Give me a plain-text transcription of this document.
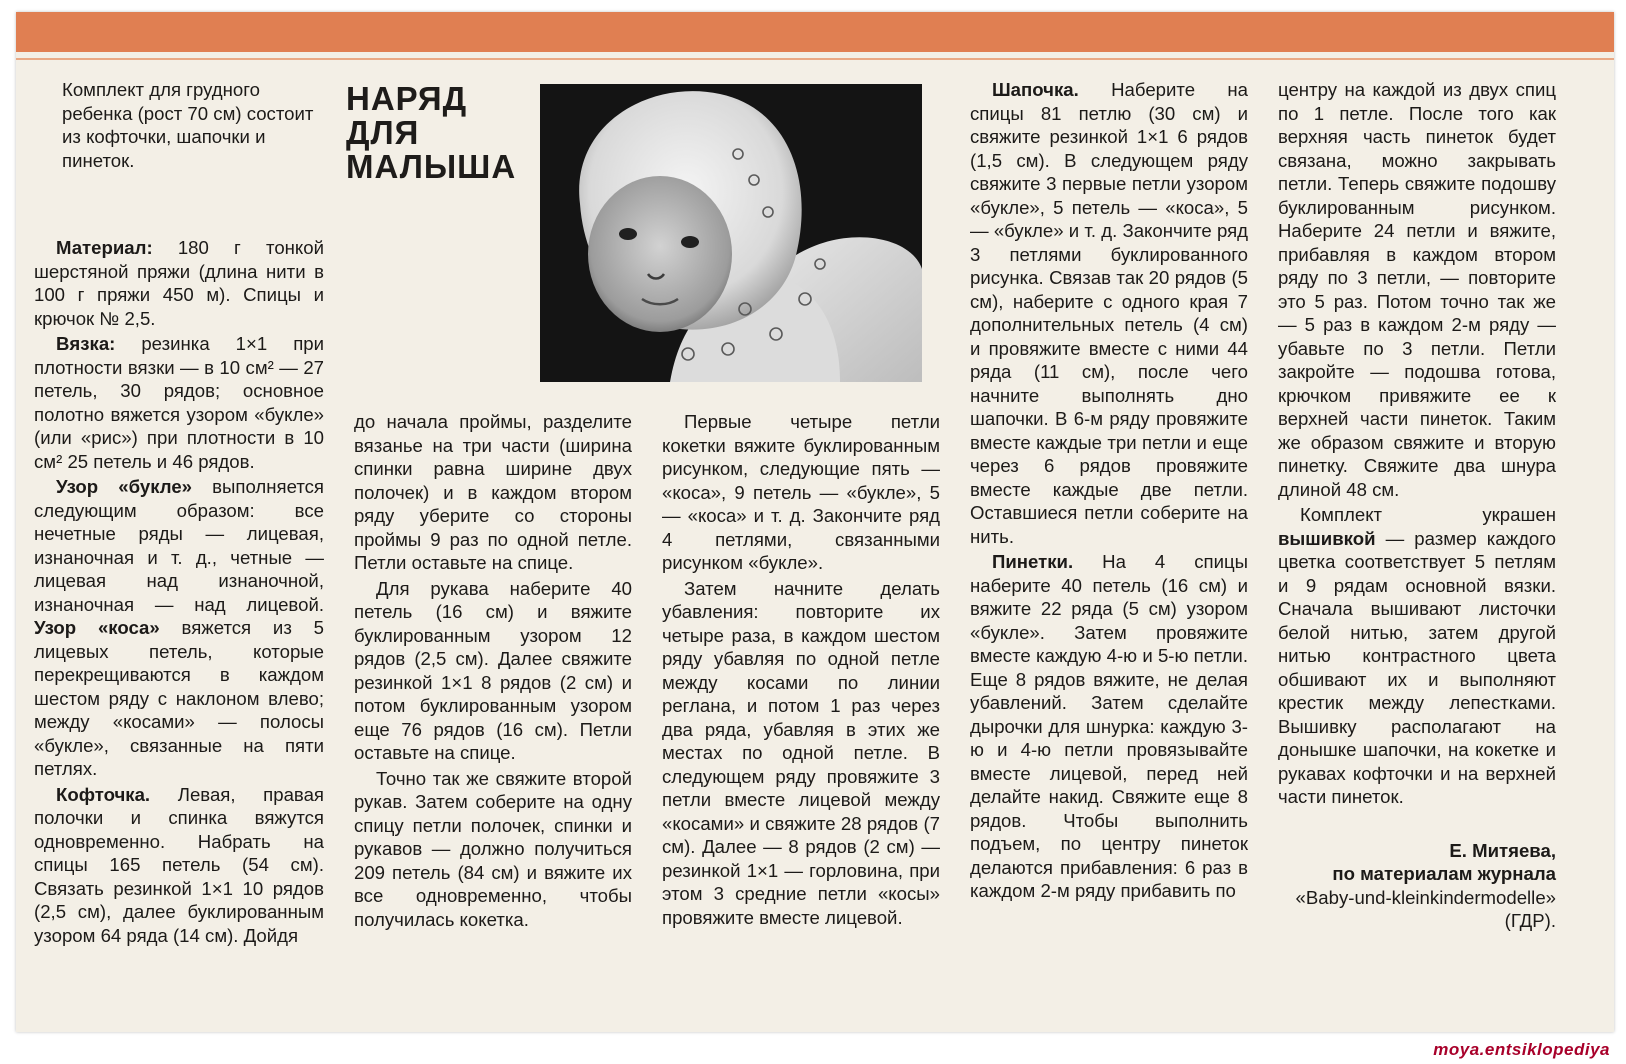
Комплект для грудного ребенка (рост 70 см) состоит из кофточки, шапочки и пинеток.

Материал: 180 г тонкой шерстяной пряжи (длина нити в 100 г пряжи 450 м). Спицы и крючок № 2,5.

Вязка: резинка 1×1 при плотности вязки — в 10 см² — 27 петель, 30 рядов; основное полотно вяжется узором «букле» (или «рис») при плотности в 10 см² 25 петель и 46 рядов.

Узор «букле» выполняется следующим образом: все нечетные ряды — лицевая, изнаночная и т. д., четные — лицевая над изнаночной, изнаночная — над лицевой. Узор «коса» вяжется из 5 лицевых петель, которые перекрещиваются в каждом шестом ряду с наклоном влево; между «косами» — полосы «букле», связанные на пяти петлях.

Кофточка. Левая, правая полочки и спинка вяжутся одновременно. Набрать на спицы 165 петель (54 см). Связать резинкой 1×1 10 рядов (2,5 см), далее буклированным узором 64 ряда (14 см). Дойдя

НАРЯД ДЛЯ МАЛЫША

до начала проймы, разделите вязанье на три части (ширина спинки равна ширине двух полочек) и в каждом втором ряду уберите со стороны проймы 9 раз по одной петле. Петли оставьте на спице.

Для рукава наберите 40 петель (16 см) и вяжите буклированным узором 12 рядов (2,5 см). Далее свяжите резинкой 1×1 8 рядов (2 см) и потом буклированным узором еще 76 рядов (16 см). Петли оставьте на спице.

Точно так же свяжите второй рукав. Затем соберите на одну спицу петли полочек, спинки и рукавов — должно получиться 209 петель (84 см) и вяжите их все одновременно, чтобы получилась кокетка.

Первые четыре петли кокетки вяжите буклированным рисунком, следующие пять — «коса», 9 петель — «букле», 5 — «коса» и т. д. Закончите ряд 4 петлями, связанными рисунком «букле».

Затем начните делать убавления: повторите их четыре раза, в каждом шестом ряду убавляя по одной петле между косами по линии реглана, и потом 1 раз через два ряда, убавляя в этих же местах по одной петле. В следующем ряду провяжите 3 петли вместе лицевой между «косами» и свяжите 28 рядов (7 см). Далее — 8 рядов (2 см) — резинкой 1×1 — горловина, при этом 3 средние петли «косы» провяжите вместе лицевой.

Шапочка. Наберите на спицы 81 петлю (30 см) и свяжите резинкой 1×1 6 рядов (1,5 см). В следующем ряду свяжите 3 первые петли узором «букле», 5 петель — «коса», 5 — «букле» и т. д. Закончите ряд 3 петлями буклированного рисунка. Связав так 20 рядов (5 см), наберите с одного края 7 дополнительных петель (4 см) и провяжите вместе с ними 44 ряда (11 см), после чего начните выполнять дно шапочки. В 6-м ряду провяжите вместе каждые три петли и еще через 6 рядов провяжите вместе каждые две петли. Оставшиеся петли соберите на нить.

Пинетки. На 4 спицы наберите 40 петель (16 см) и вяжите 22 ряда (5 см) узором «букле». Затем провяжите вместе каждую 4-ю и 5-ю петли. Еще 8 рядов вяжите, не делая убавлений. Затем сделайте дырочки для шнурка: каждую 3-ю и 4-ю петли провязывайте вместе лицевой, перед ней делайте накид. Свяжите еще 8 рядов. Чтобы выполнить подъем, по центру пинеток делаются прибавления: 6 раз в каждом 2-м ряду прибавить по

центру на каждой из двух спиц по 1 петле. После того как верхняя часть пинеток будет связана, можно закрывать петли. Теперь свяжите подошву буклированным рисунком. Наберите 24 петли и вяжите, прибавляя в каждом втором ряду по 3 петли, — повторите это 5 раз. Потом точно так же — 5 раз в каждом 2-м ряду — убавьте по 3 петли. Петли закройте — подошва готова, крючком привяжите ее к верхней части пинеток. Таким же образом свяжите и вторую пинетку. Свяжите два шнура длиной 48 см.

Комплект украшен вышивкой — размер каждого цветка соответствует 5 петлям и 9 рядам основной вязки. Сначала вышивают листочки белой нитью, затем другой нитью контрастного цвета обшивают их и выполняют крестик между лепестками. Вышивку располагают на донышке шапочки, на кокетке и рукавах кофточки и на верхней части пинеток.

Е. Митяева,
по материалам журнала
«Baby-und-kleinkindermodelle» (ГДР).
moya.entsiklopediya
